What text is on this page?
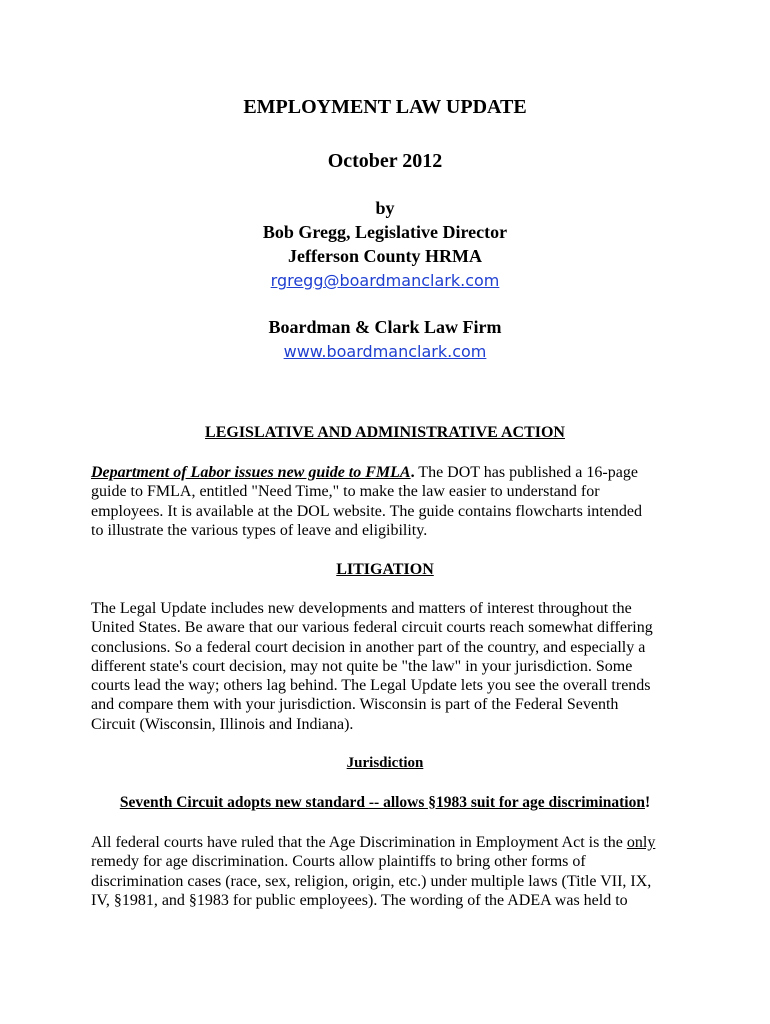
EMPLOYMENT LAW UPDATE
October 2012
by
Bob Gregg, Legislative Director
Jefferson County HRMA
rgregg@boardmanclark.com
Boardman & Clark Law Firm
www.boardmanclark.com
LEGISLATIVE AND ADMINISTRATIVE ACTION
Department of Labor issues new guide to FMLA. The DOT has published a 16-page
guide to FMLA, entitled "Need Time," to make the law easier to understand for
employees. It is available at the DOL website. The guide contains flowcharts intended
to illustrate the various types of leave and eligibility.
LITIGATION
The Legal Update includes new developments and matters of interest throughout the
United States. Be aware that our various federal circuit courts reach somewhat differing
conclusions. So a federal court decision in another part of the country, and especially a
different state's court decision, may not quite be "the law" in your jurisdiction. Some
courts lead the way; others lag behind. The Legal Update lets you see the overall trends
and compare them with your jurisdiction. Wisconsin is part of the Federal Seventh
Circuit (Wisconsin, Illinois and Indiana).
Jurisdiction
Seventh Circuit adopts new standard -- allows §1983 suit for age discrimination!
All federal courts have ruled that the Age Discrimination in Employment Act is the only
remedy for age discrimination. Courts allow plaintiffs to bring other forms of
discrimination cases (race, sex, religion, origin, etc.) under multiple laws (Title VII, IX,
IV, §1981, and §1983 for public employees). The wording of the ADEA was held to
